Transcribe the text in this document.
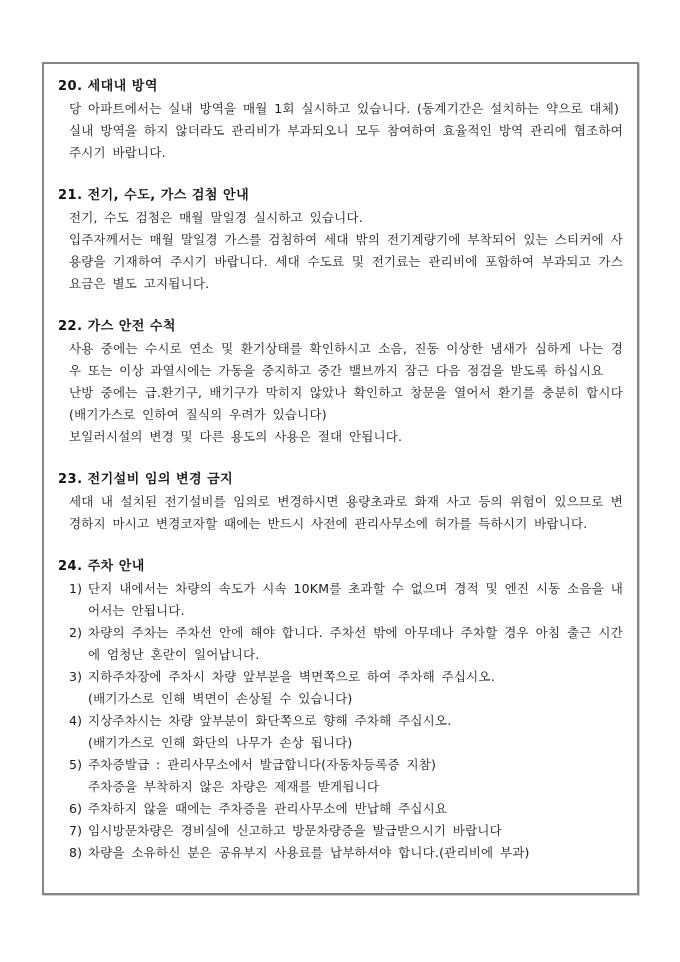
20. 세대내 방역

당 아파트에서는 실내 방역을 매월 1회 실시하고 있습니다. (동계기간은 설치하는 약으로 대체)

실내 방역을 하지 않더라도 관리비가 부과되오니 모두 참여하여 효율적인 방역 관리에 협조하여 주시기 바랍니다.

21. 전기, 수도, 가스 검첨 안내

전기, 수도 검첨은 매월 말일경 실시하고 있습니다.

입주자께서는 매월 말일경 가스를 검침하여 세대 밖의 전기계량기에 부착되어 있는 스티커에 사용량을 기재하여 주시기 바랍니다. 세대 수도료 및 전기료는 관리비에 포함하여 부과되고 가스 요금은 별도 고지됩니다.

22. 가스 안전 수척

사용 중에는 수시로 연소 및 환기상태를 확인하시고 소음, 진동 이상한 냄새가 심하게 나는 경우 또는 이상 과열시에는 가동을 중지하고 중간 밸브까지 잠근 다음 점검을 받도록 하십시요

난방 중에는 급.환기구, 배기구가 막히지 않았나 확인하고 창문을 열어서 환기를 충분히 합시다 (배기가스로 인하여 질식의 우려가 있습니다)

보일러시설의 변경 및 다른 용도의 사용은 절대 안됩니다.

23. 전기설비 임의 변경 금지

세대 내 설치된 전기설비를 임의로 변경하시면 용량초과로 화재 사고 등의 위험이 있으므로 변경하지 마시고 변경코자할 때에는 반드시 사전에 관리사무소에 허가를 득하시기 바랍니다.

24. 주차 안내
1) 단지 내에서는 차량의 속도가 시속 10KM를 초과할 수 없으며 경적 및 엔진 시동 소음을 내어서는 안됩니다.

2) 차량의 주차는 주차선 안에 해야 합니다. 주차선 밖에 아무데나 주차할 경우 아침 출근 시간에 엄청난 혼란이 일어납니다.

3) 지하주차장에 주차시 차량 앞부분을 벽면쪽으로 하여 주차해 주십시오.

(배기가스로 인해 벽면이 손상될 수 있습니다)

4) 지상주차시는 차량 앞부분이 화단쪽으로 향해 주차해 주십시오.

(배기가스로 인해 화단의 나무가 손상 됩니다)

5) 주차증발급 : 관리사무소에서 발급합니다(자동차등록증 지참)

주차증을 부착하지 않은 차량은 제재를 받게됩니다

6) 주차하지 않을 때에는 주차증을 관리사무소에 반납해 주십시요

7) 임시방문차량은 경비실에 신고하고 방문차량증을 발급받으시기 바랍니다

8) 차량을 소유하신 분은 공유부지 사용료를 납부하셔야 합니다.(관리비에 부과)
